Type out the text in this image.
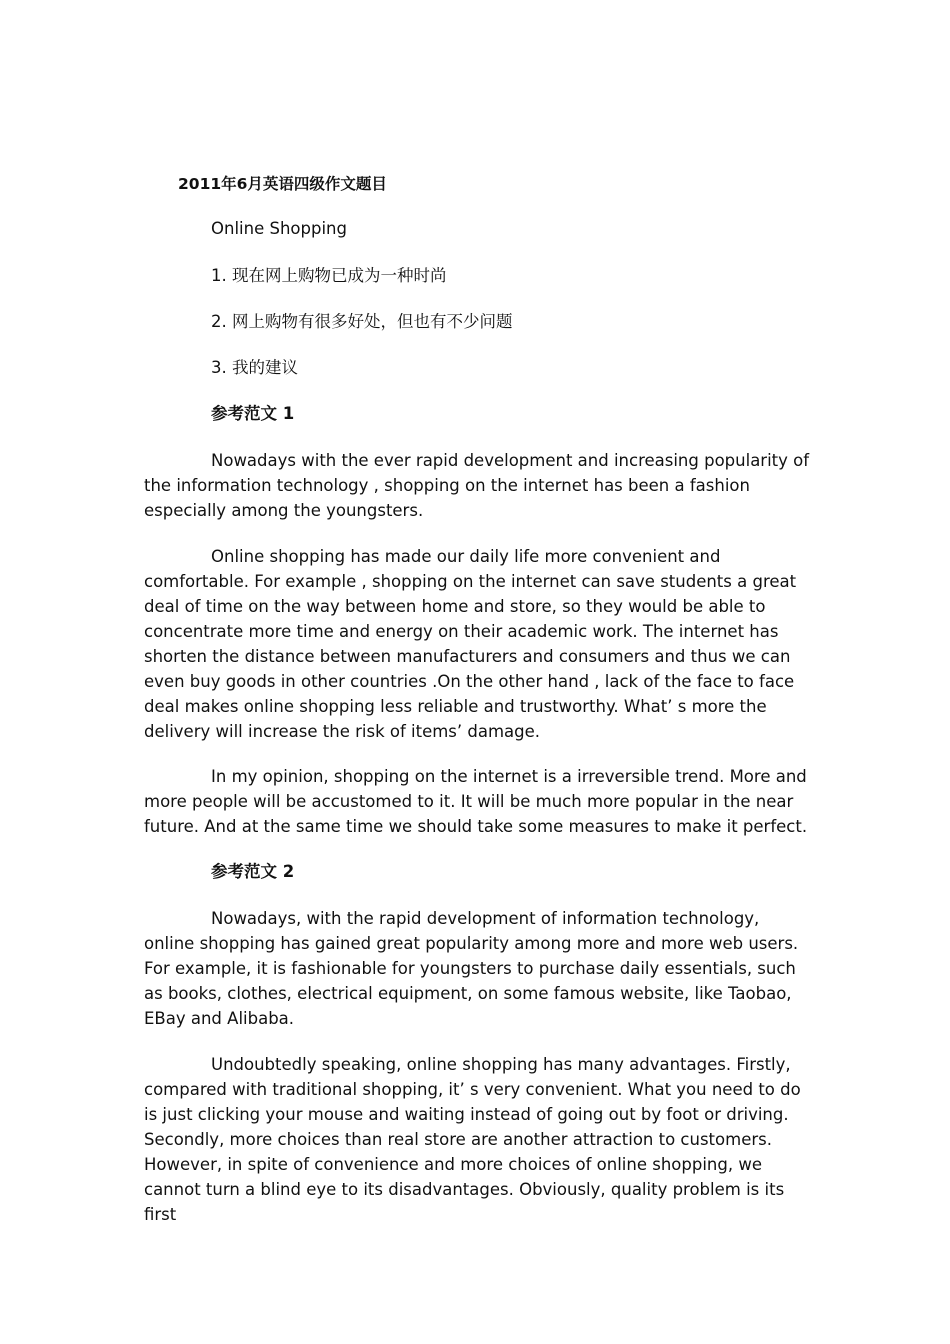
2011年6月英语四级作文题目
Online Shopping
1. 现在网上购物已成为一种时尚
2. 网上购物有很多好处，但也有不少问题
3. 我的建议
参考范文 1

Nowadays with the ever rapid development and increasing popularity of the information technology , shopping on the internet has been a fashion especially among the youngsters.

Online shopping has made our daily life more convenient and comfortable. For example , shopping on the internet can save students a great deal of time on the way between home and store, so they would be able to concentrate more time and energy on their academic work. The internet has shorten the distance between manufacturers and consumers and thus we can even buy goods in other countries .On the other hand , lack of the face to face deal makes online shopping less reliable and trustworthy. What’ s more the delivery will increase the risk of items’ damage.

In my opinion, shopping on the internet is a irreversible trend. More and more people will be accustomed to it. It will be much more popular in the near future. And at the same time we should take some measures to make it perfect.

参考范文 2

Nowadays, with the rapid development of information technology, online shopping has gained great popularity among more and more web users. For example, it is fashionable for youngsters to purchase daily essentials, such as books, clothes, electrical equipment, on some famous website, like Taobao, EBay and Alibaba.

Undoubtedly speaking, online shopping has many advantages. Firstly, compared with traditional shopping, it’ s very convenient. What you need to do is just clicking your mouse and waiting instead of going out by foot or driving. Secondly, more choices than real store are another attraction to customers. However, in spite of convenience and more choices of online shopping, we cannot turn a blind eye to its disadvantages. Obviously, quality problem is its first
